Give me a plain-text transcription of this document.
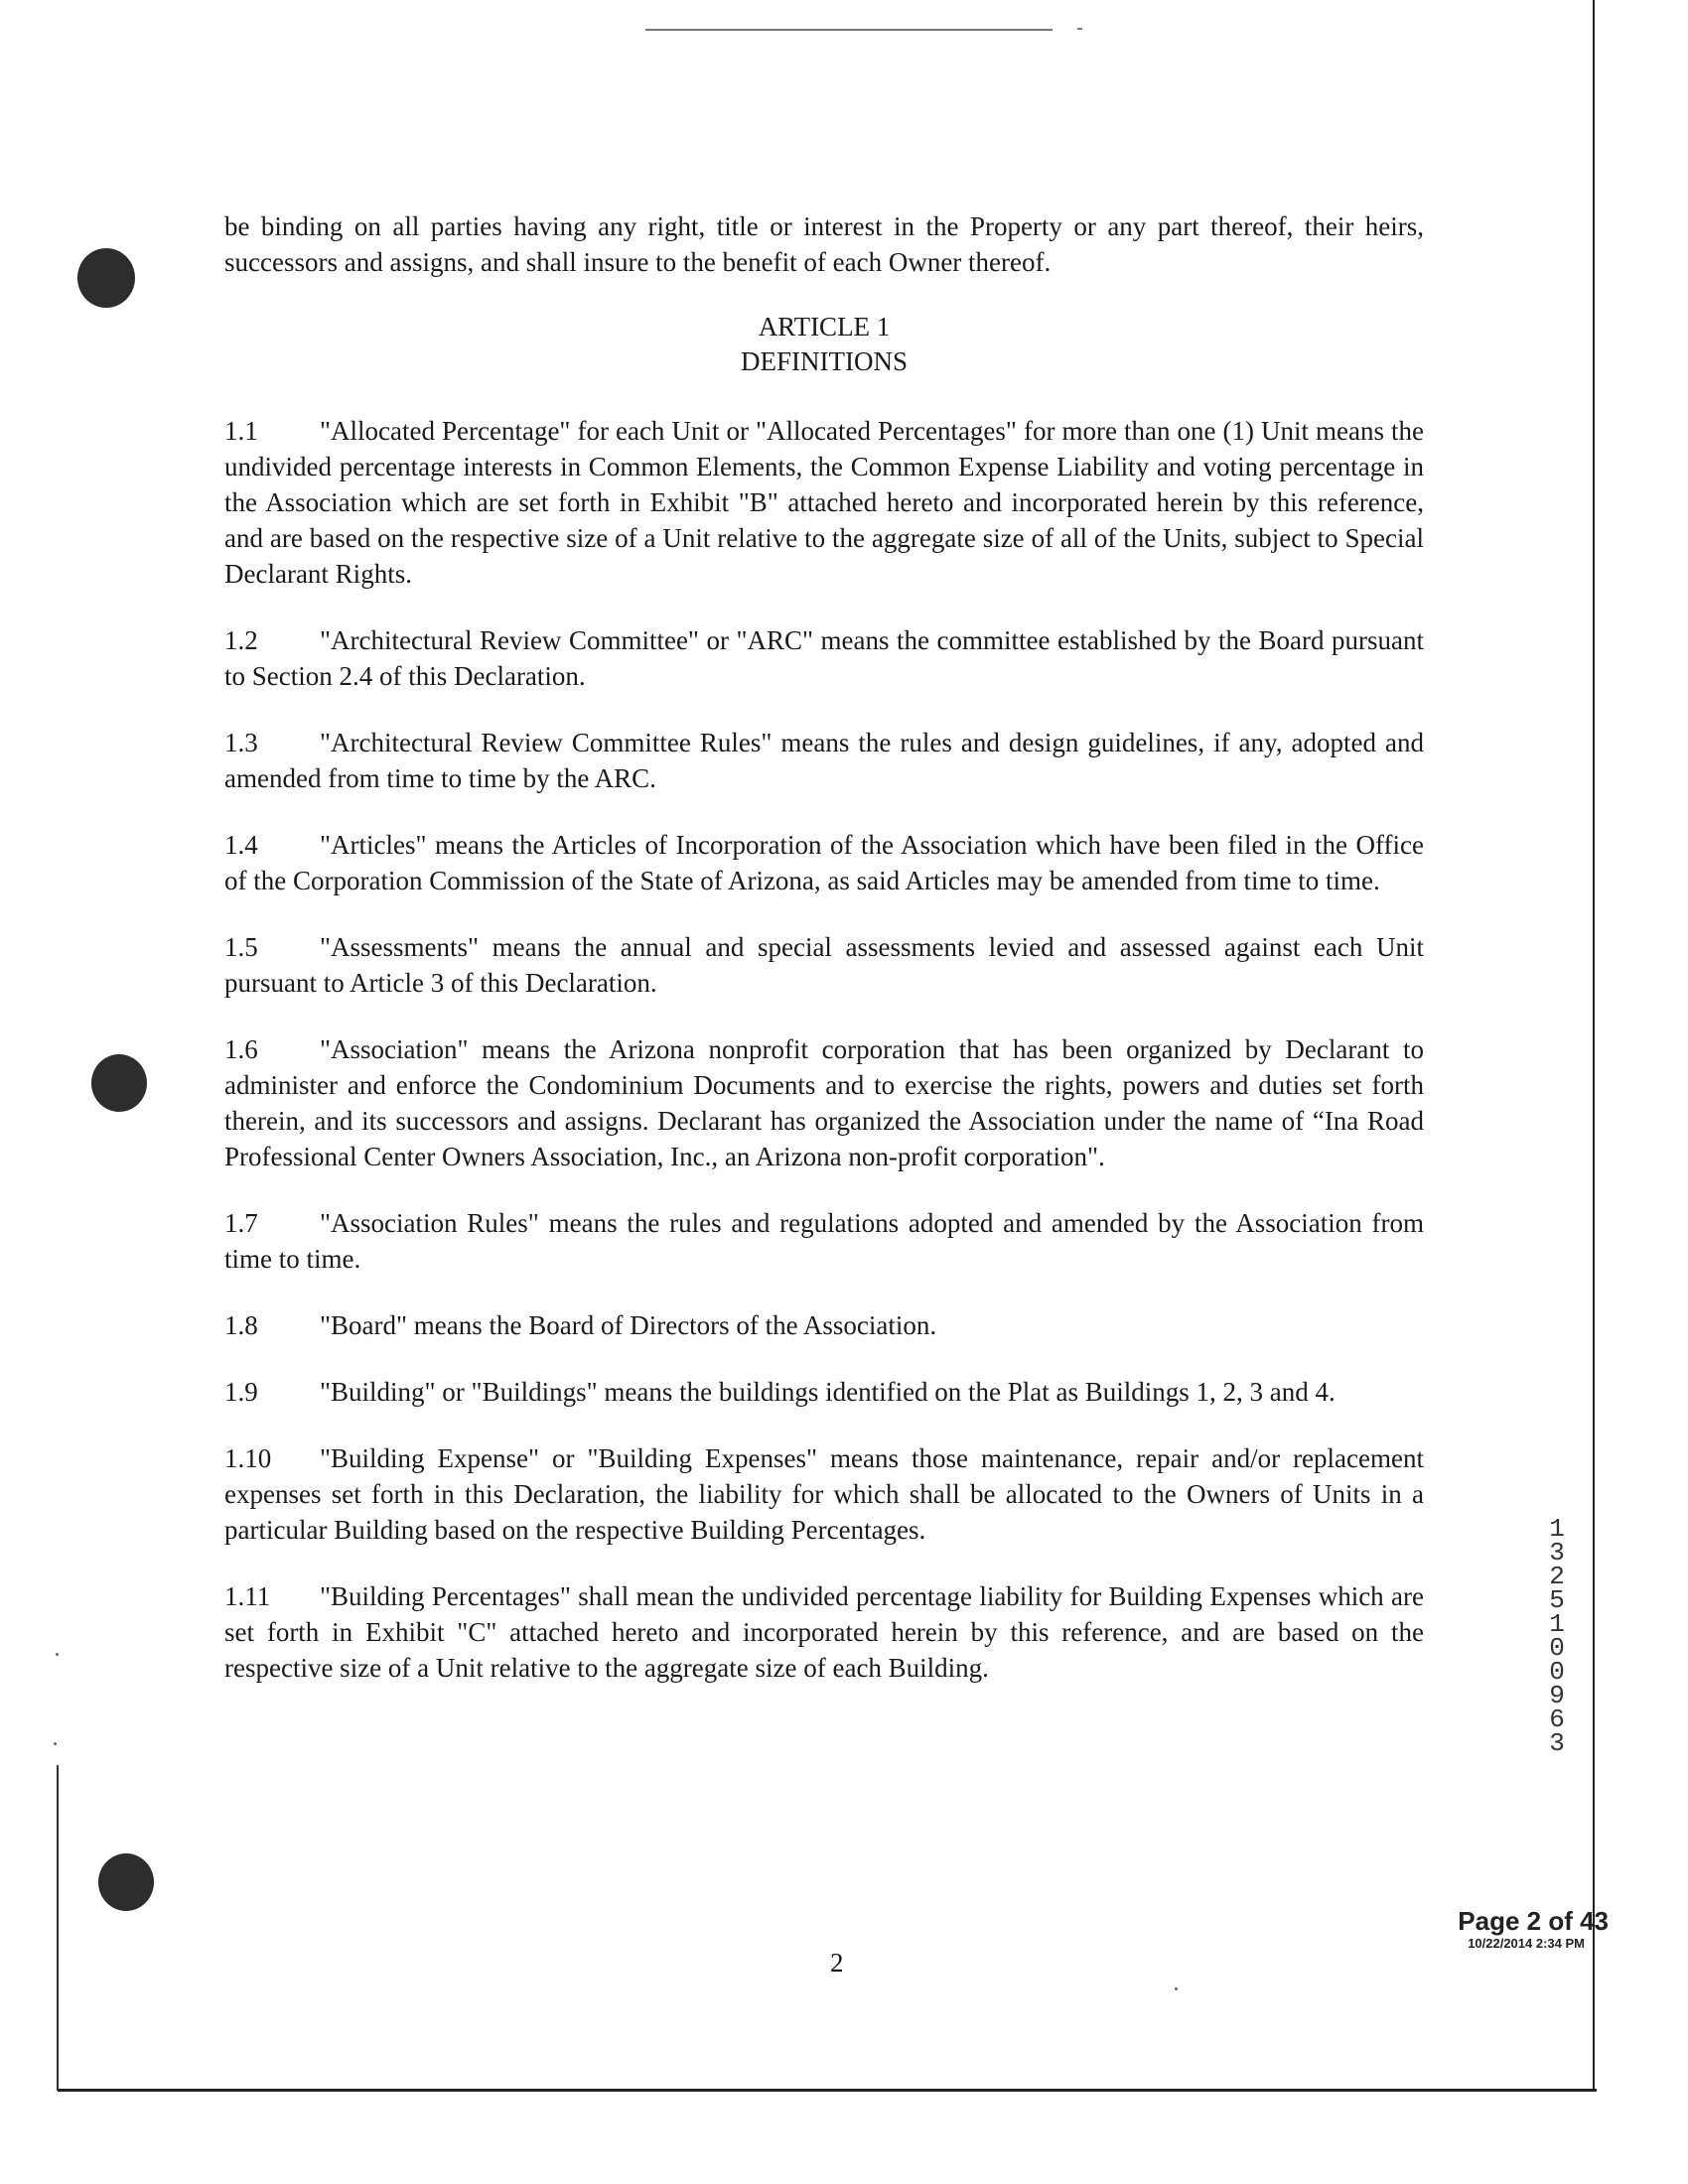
be binding on all parties having any right, title or interest in the Property or any part thereof, their heirs, successors and assigns, and shall insure to the benefit of each Owner thereof.

ARTICLE 1
DEFINITIONS

1.1 "Allocated Percentage" for each Unit or "Allocated Percentages" for more than one (1) Unit means the undivided percentage interests in Common Elements, the Common Expense Liability and voting percentage in the Association which are set forth in Exhibit "B" attached hereto and incorporated herein by this reference, and are based on the respective size of a Unit relative to the aggregate size of all of the Units, subject to Special Declarant Rights.

1.2 "Architectural Review Committee" or "ARC" means the committee established by the Board pursuant to Section 2.4 of this Declaration.

1.3 "Architectural Review Committee Rules" means the rules and design guidelines, if any, adopted and amended from time to time by the ARC.

1.4 "Articles" means the Articles of Incorporation of the Association which have been filed in the Office of the Corporation Commission of the State of Arizona, as said Articles may be amended from time to time.

1.5 "Assessments" means the annual and special assessments levied and assessed against each Unit pursuant to Article 3 of this Declaration.

1.6 "Association" means the Arizona nonprofit corporation that has been organized by Declarant to administer and enforce the Condominium Documents and to exercise the rights, powers and duties set forth therein, and its successors and assigns. Declarant has organized the Association under the name of “Ina Road Professional Center Owners Association, Inc., an Arizona non-profit corporation".

1.7 "Association Rules" means the rules and regulations adopted and amended by the Association from time to time.

1.8 "Board" means the Board of Directors of the Association.

1.9 "Building" or "Buildings" means the buildings identified on the Plat as Buildings 1, 2, 3 and 4.

1.10 "Building Expense" or "Building Expenses" means those maintenance, repair and/or replacement expenses set forth in this Declaration, the liability for which shall be allocated to the Owners of Units in a particular Building based on the respective Building Percentages.

1.11 "Building Percentages" shall mean the undivided percentage liability for Building Expenses which are set forth in Exhibit "C" attached hereto and incorporated herein by this reference, and are based on the respective size of a Unit relative to the aggregate size of each Building.

2
Page 2 of 43
10/22/2014 2:34 PM
13251 00963
